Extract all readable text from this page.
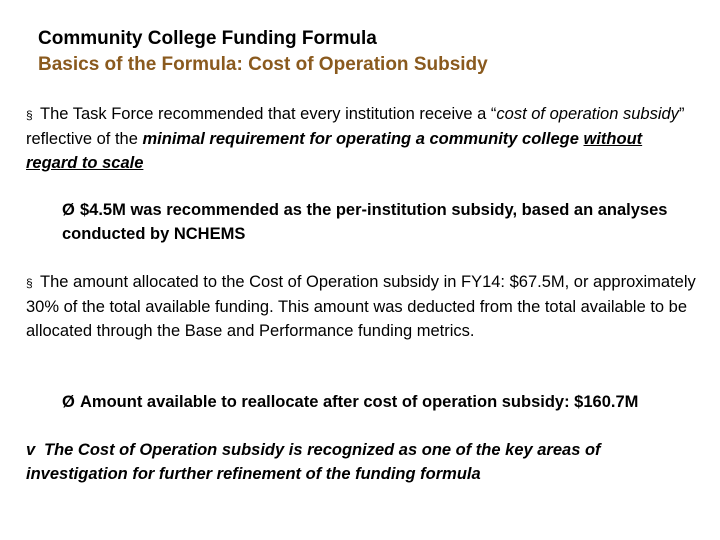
Community College Funding Formula
Basics of the Formula: Cost of Operation Subsidy
§ The Task Force recommended that every institution receive a “cost of operation subsidy” reflective of the minimal requirement for operating a community college without regard to scale
Ø $4.5M was recommended as the per-institution subsidy, based an analyses conducted by NCHEMS
§ The amount allocated to the Cost of Operation subsidy in FY14: $67.5M, or approximately 30% of the total available funding. This amount was deducted from the total available to be allocated through the Base and Performance funding metrics.
Ø Amount available to reallocate after cost of operation subsidy: $160.7M
v The Cost of Operation subsidy is recognized as one of the key areas of investigation for further refinement of the funding formula
